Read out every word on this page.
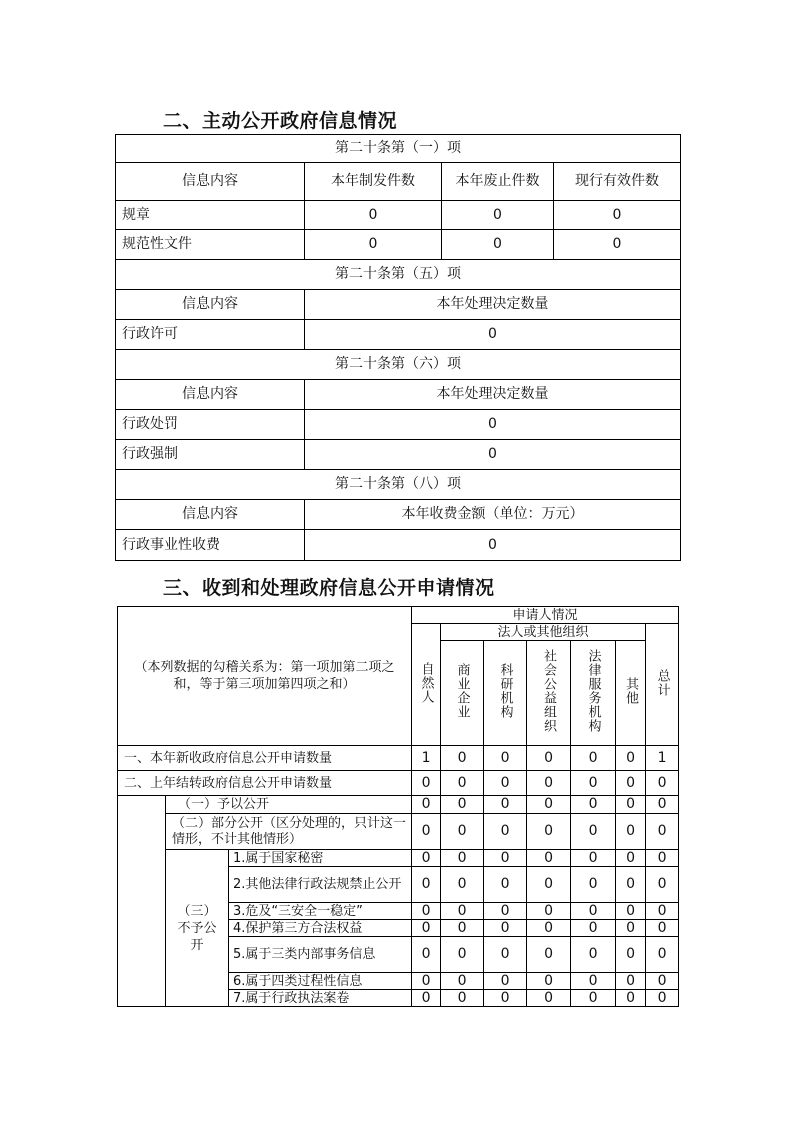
二、主动公开政府信息情况
第二十条第（一）项			
信息内容	本年制发件数	本年废止件数	现行有效件数
规章	0	0	0
规范性文件	0	0	0
第二十条第（五）项			
信息内容	本年处理决定数量		
行政许可	0		
第二十条第（六）项			
信息内容	本年处理决定数量		
行政处罚	0		
行政强制	0		
第二十条第（八）项			
信息内容	本年收费金额（单位：万元）		
行政事业性收费	0		
三、收到和处理政府信息公开申请情况
（本列数据的勾稽关系为：第一项加第二项之和，等于第三项加第四项之和）			申请人情况						
			自然人	法人或其他组织					总计
				商业企业	科研机构	社会公益组织	法律服务机构	其他	
一、本年新收政府信息公开申请数量			1	0	0	0	0	0	1
二、上年结转政府信息公开申请数量			0	0	0	0	0	0	0
	（一）予以公开		0	0	0	0	0	0	0
	（二）部分公开（区分处理的，只计这一情形，不计其他情形）		0	0	0	0	0	0	0
	（三）不予公开	1.属于国家秘密	0	0	0	0	0	0	0
		2.其他法律行政法规禁止公开	0	0	0	0	0	0	0
		3.危及“三安全一稳定”	0	0	0	0	0	0	0
		4.保护第三方合法权益	0	0	0	0	0	0	0
		5.属于三类内部事务信息	0	0	0	0	0	0	0
		6.属于四类过程性信息	0	0	0	0	0	0	0
		7.属于行政执法案卷	0	0	0	0	0	0	0
